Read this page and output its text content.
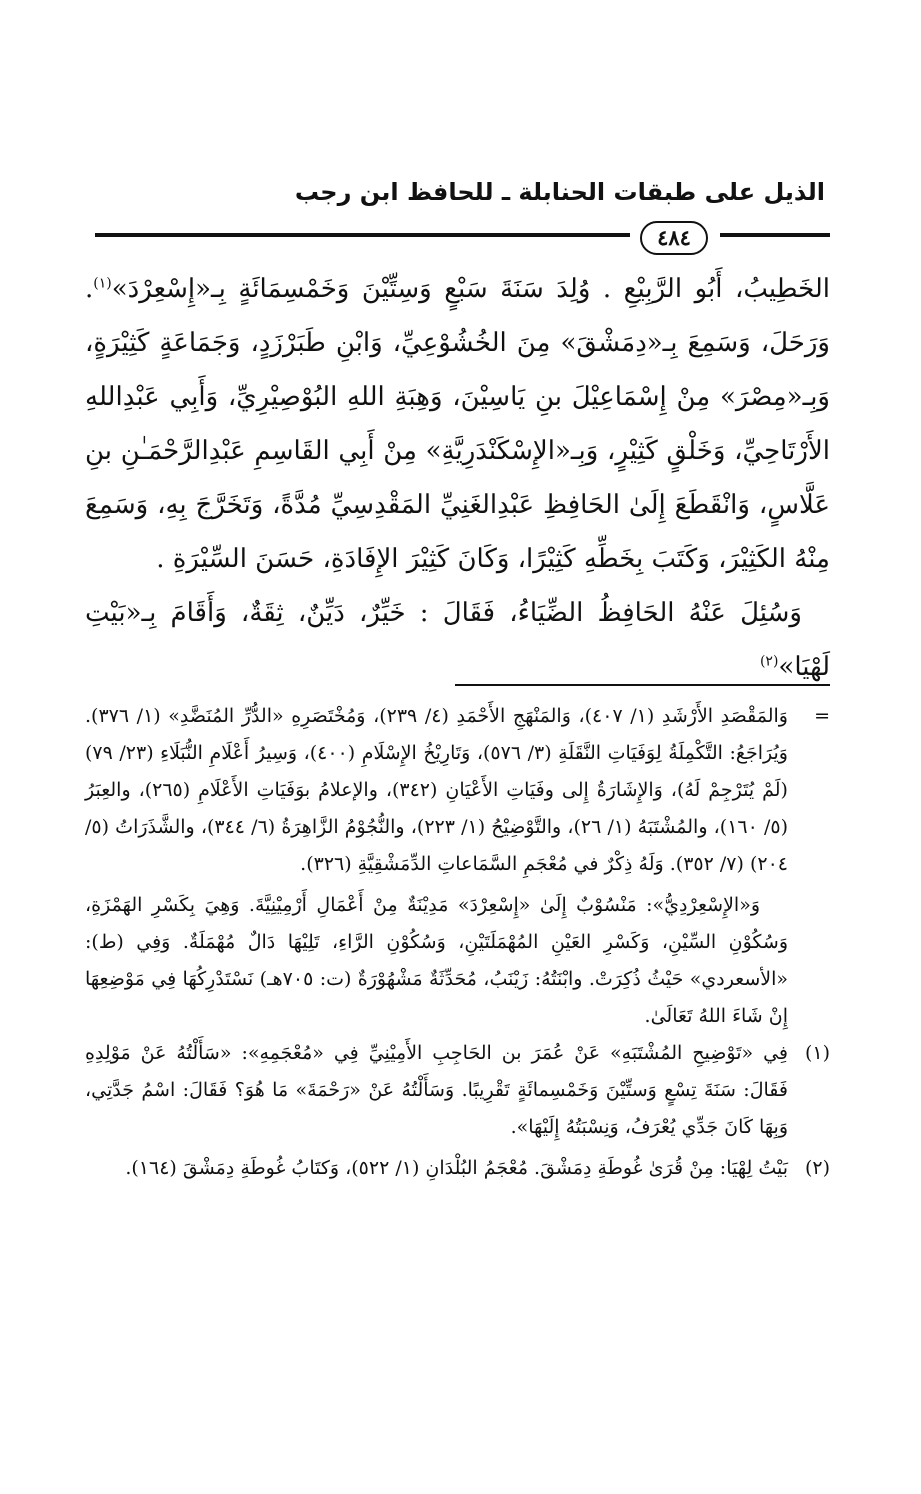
الذيل على طبقات الحنابلة ـ للحافظ ابن رجب
٤٨٤

الخَطِيبُ، أَبُو الرَّبِيْعِ . وُلِدَ سَنَةَ سَبْعٍ وَسِتِّيْنَ وَخَمْسِمَائَةٍ بِـ«إِسْعِرْدَ»$^{(١)}$. وَرَحَلَ، وَسَمِعَ بِـ«دِمَشْقَ» مِنَ الخُشُوْعِيِّ، وَابْنِ طَبَرْزَدٍ، وَجَمَاعَةٍ كَثِيْرَةٍ، وَبِـ«مِصْرَ» مِنْ إِسْمَاعِيْلَ بنِ يَاسِيْنَ، وَهِبَةِ اللهِ البُوْصِيْرِيِّ، وَأَبِي عَبْدِاللهِ الأَرْتَاحِيِّ، وَخَلْقٍ كَثِيْرٍ، وَبِـ«الإِسْكَنْدَرِيَّةِ» مِنْ أَبِي القَاسِمِ عَبْدِالرَّحْمَـٰنِ بنِ عَلَّاسٍ، وَانْقَطَعَ إِلَىٰ الحَافِظِ عَبْدِالغَنِيِّ المَقْدِسِيِّ مُدَّةً، وَتَخَرَّجَ بِهِ، وَسَمِعَ مِنْهُ الكَثِيْرَ، وَكَتَبَ بِخَطِّهِ كَثِيْرًا، وَكَانَ كَثِيْرَ الإِفَادَةِ، حَسَنَ السِّيْرَةِ .

وَسُئِلَ عَنْهُ الحَافِظُ الضِّيَاءُ، فَقَالَ : خَيِّرٌ، دَيِّنٌ، ثِقَةٌ، وَأَقَامَ بِـ«بَيْتِ لَهْيَا»$^{(٢)}$

=
وَالمَقْصَدِ الأَرْشَدِ (١/ ٤٠٧)، وَالمَنْهَجِ الأَحْمَدِ (٤/ ٢٣٩)، وَمُخْتَصَرِهِ «الدُّرِّ المُنَضَّدِ» (١/ ٣٧٦). وَيُرَاجَعُ: التَّكْمِلَةُ لِوَفَيَاتِ النَّقَلَةِ (٣/ ٥٧٦)، وَتَارِيْخُ الإِسْلَامِ (٤٠٠)، وَسِيرُ أَعْلَامِ النُّبَلَاءِ (٢٣/ ٧٩) (لَمْ يُتَرْجِمْ لَهُ)، وَالإِشَارَةُ إِلى وفَيَاتِ الأَعْيَانِ (٣٤٢)، والإعلامُ بوَفَيَاتِ الأَعْلَامِ (٢٦٥)، والعِبَرُ (٥/ ١٦٠)، والمُشْتَبَهُ (١/ ٢٦)، والتَّوْضِيْحُ (١/ ٢٢٣)، والنُّجُوْمُ الزَّاهِرَةُ (٦/ ٣٤٤)، والشَّذَرَاتُ (٥/ ٢٠٤) (٧/ ٣٥٢). وَلَهُ ذِكْرٌ في مُعْجَمِ السَّمَاعاتِ الدِّمَشْقِيَّةِ (٣٢٦).

وَ«الإِسْعِرْدِيُّ»: مَنْسُوْبٌ إِلَىٰ «إِسْعِرْدَ» مَدِيْنَةٌ مِنْ أَعْمَالِ أَرْمِيْنِيَّةَ. وَهِيَ بِكَسْرِ الهَمْزَةِ، وَسُكُوْنِ السِّيْنِ، وَكَسْرِ العَيْنِ المُهْمَلَتَيْنِ، وَسُكُوْنِ الرَّاءِ، تَلِيْهَا دَالٌ مُهْمَلَةٌ. وَفِي (ط): «الأسعردي» حَيْثُ ذُكِرَتْ. وابْنَتُهُ: زَيْنَبُ، مُحَدِّثَةٌ مَشْهُوْرَةٌ (ت: ٧٠٥هـ) نَسْتَدْرِكُهَا فِي مَوْضِعِهَا إِنْ شَاءَ اللهُ تَعَالَىٰ.

(١)
فِي «تَوْضِيحِ المُشْتَبَهِ» عَنْ عُمَرَ بن الحَاجِبِ الأَمِيْنِيِّ فِي «مُعْجَمِهِ»: «سَأَلْتُهُ عَنْ مَوْلِدِهِ فَقَالَ: سَنَةَ تِسْعٍ وَستِّيْنَ وَخَمْسِمائَةٍ تَقْرِيبًا. وَسَأَلْتُهُ عَنْ «رَحْمَةَ» مَا هُوَ؟ فَقَالَ: اسْمُ جَدَّتِي، وَبِهَا كَانَ جَدِّي يُعْرَفُ، وَنِسْبَتُهُ إِلَيْهَا».
(٢)
بَيْتُ لِهْيَا: مِنْ قُرَىٰ غُوطَةِ دِمَشْقَ. مُعْجَمُ البُلْدَانِ (١/ ٥٢٢)، وَكتَابُ غُوطَةِ دِمَشْقَ (١٦٤).
